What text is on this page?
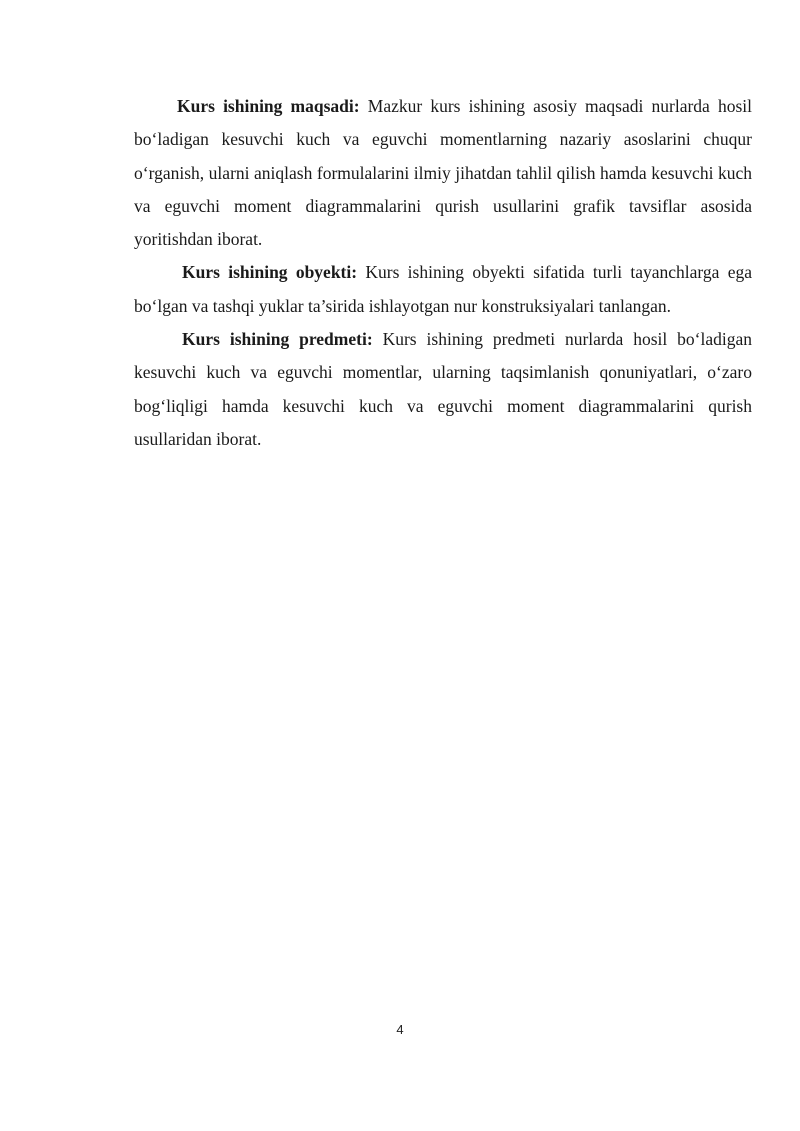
Kurs ishining maqsadi: Mazkur kurs ishining asosiy maqsadi nurlarda hosil bo‘ladigan kesuvchi kuch va eguvchi momentlarning nazariy asoslarini chuqur o‘rganish, ularni aniqlash formulalarini ilmiy jihatdan tahlil qilish hamda kesuvchi kuch va eguvchi moment diagrammalarini qurish usullarini grafik tavsiflar asosida yoritishdan iborat.

Kurs ishining obyekti: Kurs ishining obyekti sifatida turli tayanchlarga ega bo‘lgan va tashqi yuklar ta’sirida ishlayotgan nur konstruksiyalari tanlangan.

Kurs ishining predmeti: Kurs ishining predmeti nurlarda hosil bo‘ladigan kesuvchi kuch va eguvchi momentlar, ularning taqsimlanish qonuniyatlari, o‘zaro bog‘liqligi hamda kesuvchi kuch va eguvchi moment diagrammalarini qurish usullaridan iborat.

4
